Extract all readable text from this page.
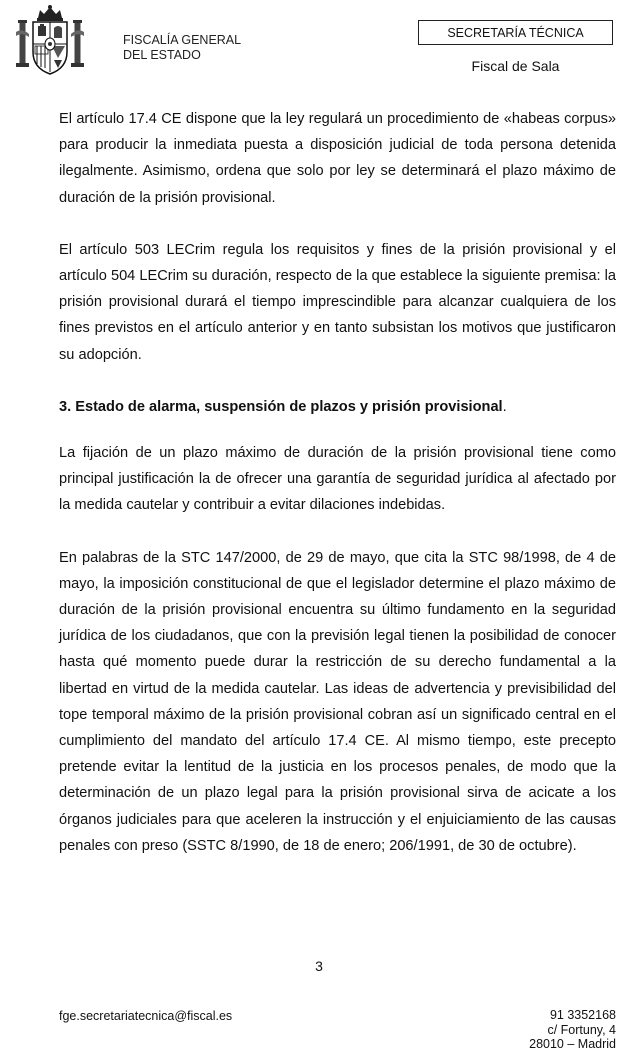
FISCALÍA GENERAL
DEL ESTADO
SECRETARÍA TÉCNICA
Fiscal de Sala

El artículo 17.4 CE dispone que la ley regulará un procedimiento de «habeas corpus» para producir la inmediata puesta a disposición judicial de toda persona detenida ilegalmente. Asimismo, ordena que solo por ley se determinará el plazo máximo de duración de la prisión provisional.

El artículo 503 LECrim regula los requisitos y fines de la prisión provisional y el artículo 504 LECrim su duración, respecto de la que establece la siguiente premisa: la prisión provisional durará el tiempo imprescindible para alcanzar cualquiera de los fines previstos en el artículo anterior y en tanto subsistan los motivos que justificaron su adopción.

3. Estado de alarma, suspensión de plazos y prisión provisional.

La fijación de un plazo máximo de duración de la prisión provisional tiene como principal justificación la de ofrecer una garantía de seguridad jurídica al afectado por la medida cautelar y contribuir a evitar dilaciones indebidas.

En palabras de la STC 147/2000, de 29 de mayo, que cita la STC 98/1998, de 4 de mayo, la imposición constitucional de que el legislador determine el plazo máximo de duración de la prisión provisional encuentra su último fundamento en la seguridad jurídica de los ciudadanos, que con la previsión legal tienen la posibilidad de conocer hasta qué momento puede durar la restricción de su derecho fundamental a la libertad en virtud de la medida cautelar. Las ideas de advertencia y previsibilidad del tope temporal máximo de la prisión provisional cobran así un significado central en el cumplimiento del mandato del artículo 17.4 CE. Al mismo tiempo, este precepto pretende evitar la lentitud de la justicia en los procesos penales, de modo que la determinación de un plazo legal para la prisión provisional sirva de acicate a los órganos judiciales para que aceleren la instrucción y el enjuiciamiento de las causas penales con preso (SSTC 8/1990, de 18 de enero; 206/1991, de 30 de octubre).

3
fge.secretariatecnica@fiscal.es	91 3352168
c/ Fortuny, 4
28010 – Madrid
